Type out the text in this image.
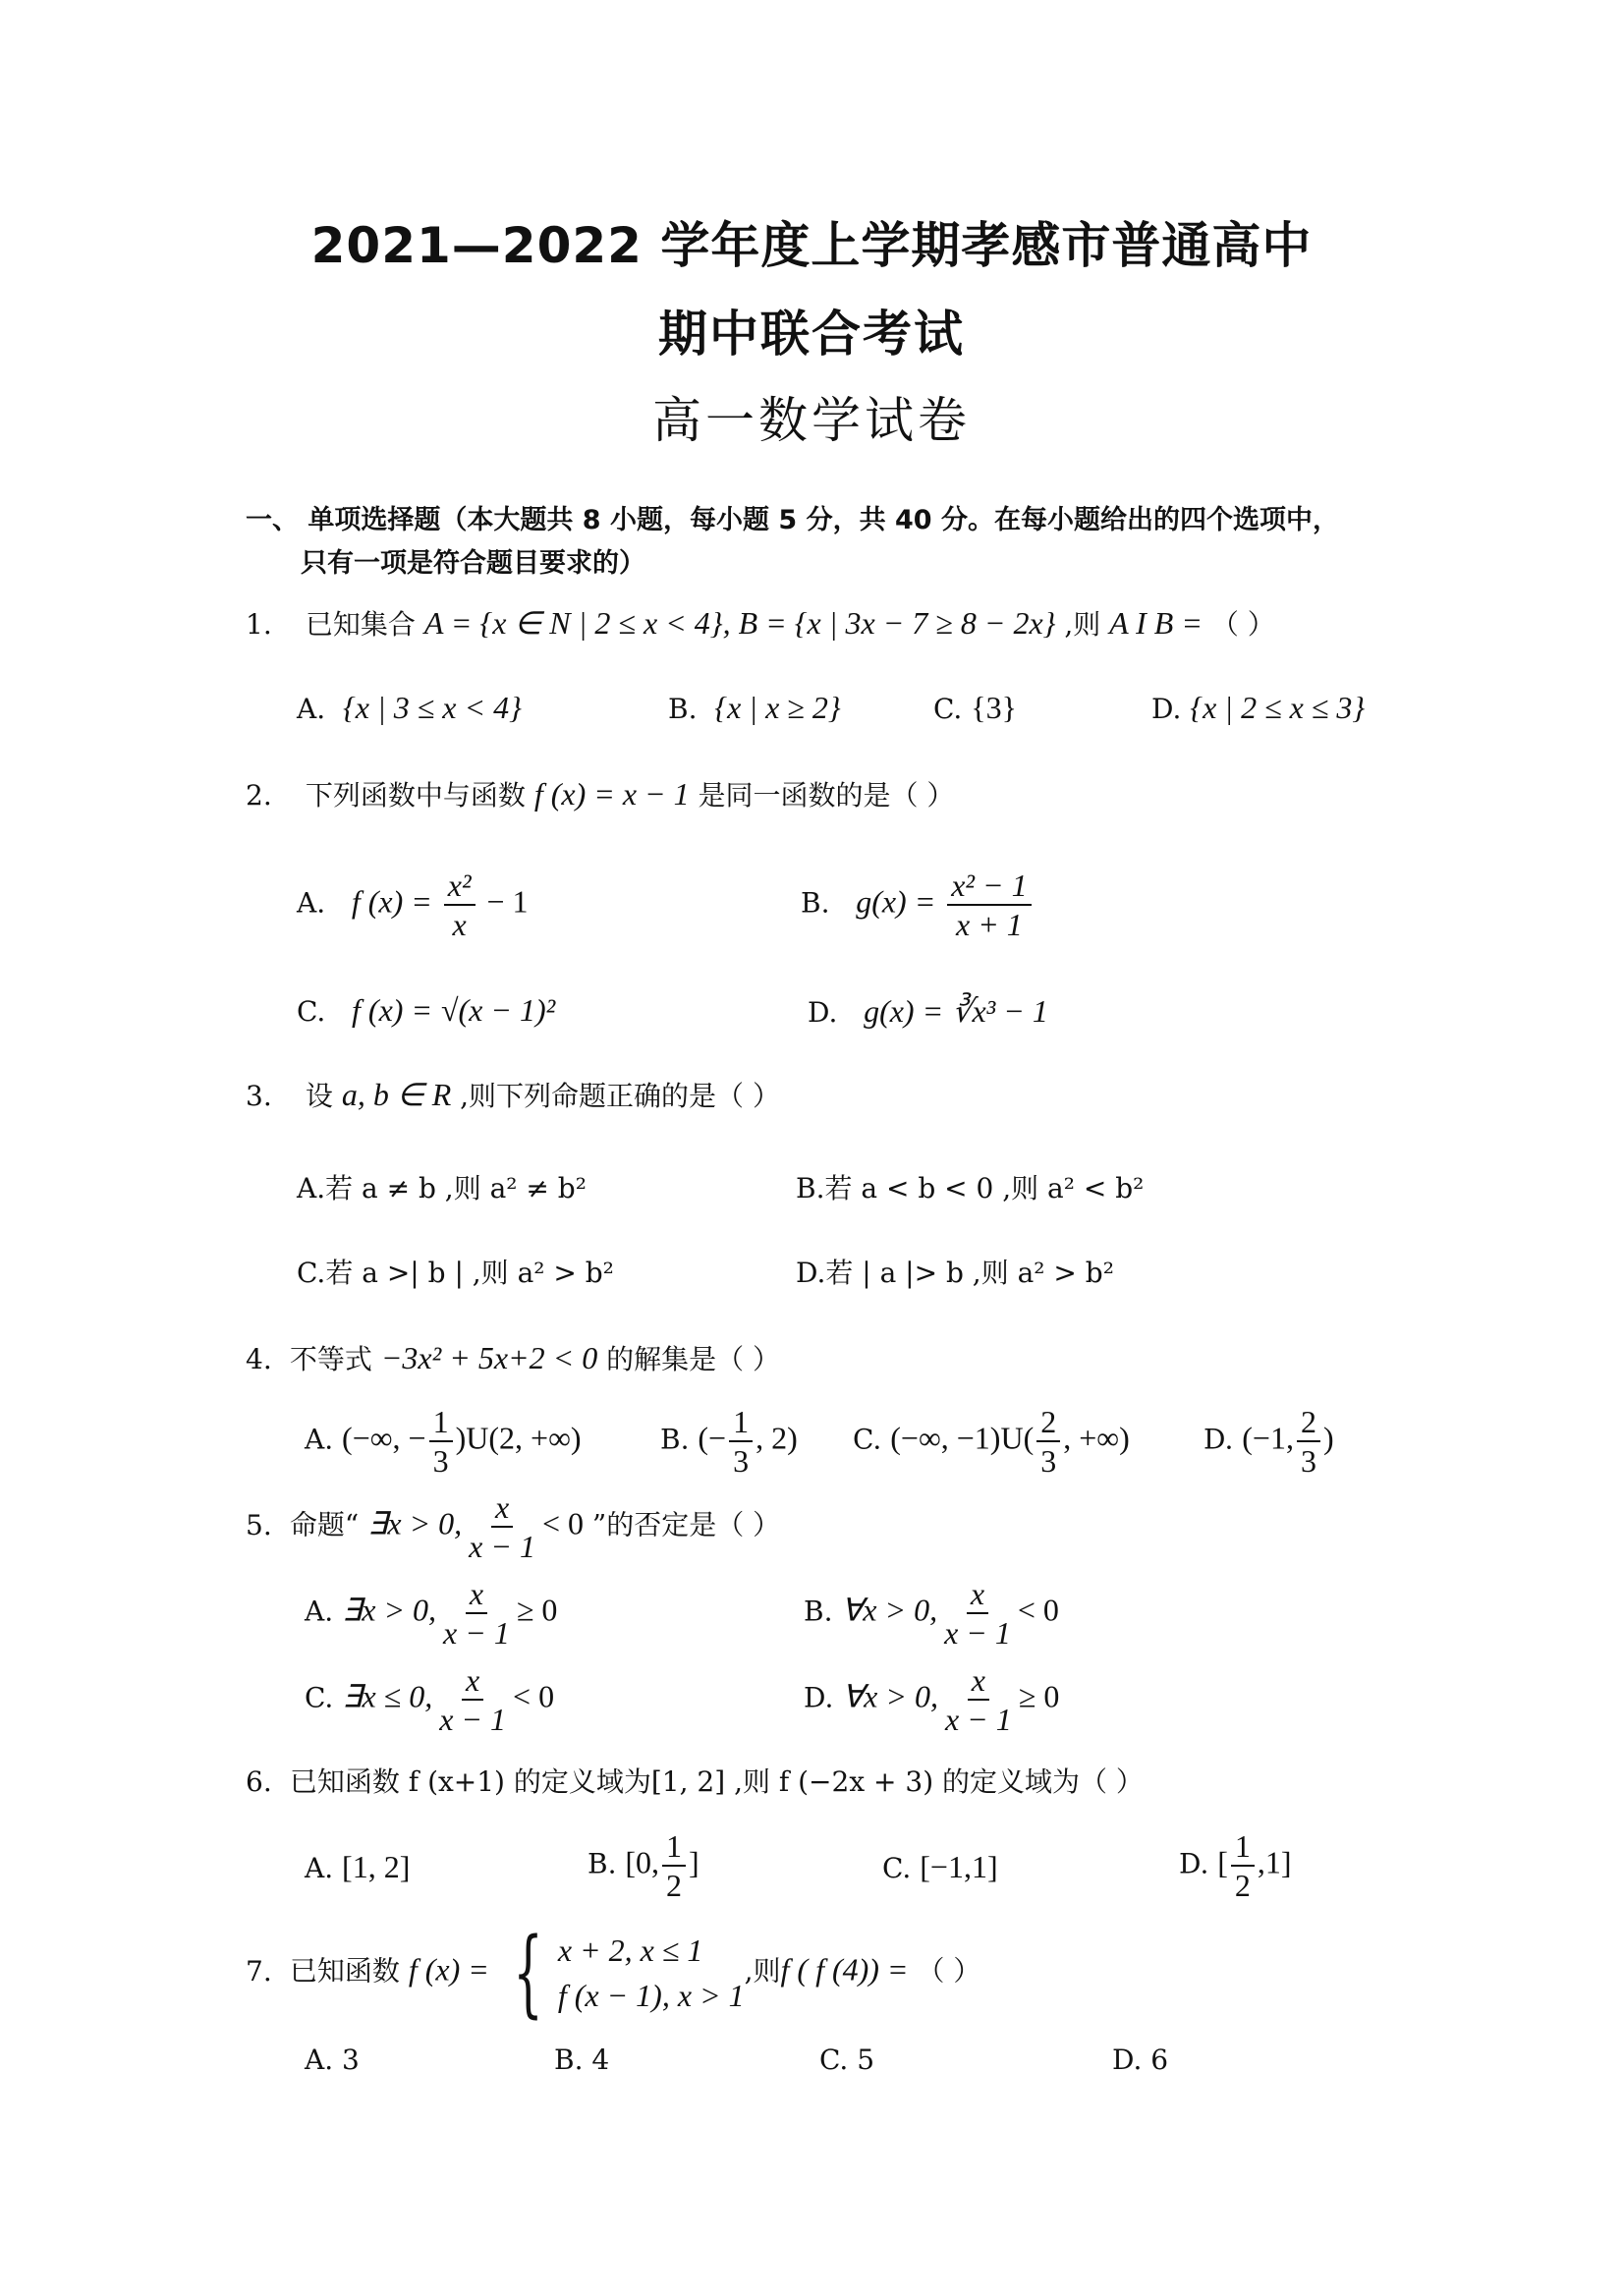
2021—2022 学年度上学期孝感市普通高中
期中联合考试
高一数学试卷
一、 单项选择题（本大题共 8 小题，每小题 5 分，共 40 分。在每小题给出的四个选项中，
只有一项是符合题目要求的）
1. 已知集合 A = {x ∈ N | 2 ≤ x < 4}, B = {x | 3x − 7 ≥ 8 − 2x} ,则 A I B = （ ）
A. {x | 3 ≤ x < 4}	B. {x | x ≥ 2}	C. {3}	D. {x | 2 ≤ x ≤ 3}
2. 下列函数中与函数 f (x) = x − 1 是同一函数的是（ ）
A. f $(x) = \frac{\text{x²}}{x} - 1$	B. $g(x) = \frac{\text{x² − 1}}{x + 1}$
C. f (x) = √(x − 1)²	D. g(x) = ∛x³ − 1
3. 设 a, b ∈ R ,则下列命题正确的是（ ）
A.若 a ≠ b ,则 a² ≠ b²	B.若 a < b < 0 ,则 a² < b²
C.若 a >| b | ,则 a² > b²	D.若 | a |> b ,则 a² > b²
4. 不等式 −3x² + 5x+2 < 0 的解集是（ ）
A. (−∞, − $\frac{1}{3} )U(2$, +∞)	B. (− $\frac{1}{3}$ , 2) C. (−∞, $-1)U( \frac{2}{3}$ , +∞)	D. (−1, $\frac{2}{3}$ )
5. 命题“ ∃x > 0, $\frac{x}{x - 1} < 0$ ”的否定是（ ）
A. ∃x > 0, $\frac{x}{x - 1} \ge 0$	B. ∀x > 0, $\frac{x}{x - 1} < 0$
C. ∃x ≤ 0, $\frac{x}{x - 1} < 0$	D. ∀x > 0, $\frac{x}{x - 1} \ge 0$
6. 已知函数 f (x+1) 的定义域为[1, 2] ,则 f (−2x + 3) 的定义域为（ ）
A. [1, 2]	B. [0, $\frac{1}{2}$ ]	C. [−1,1]	D. [ $\frac{1}{2} ,1$]
7. 已知函数 f (x) = { x + 2, x ≤ 1
f (x − 1), x > 1
,则f ( f (4)) = （ ）
A. 3	B. 4	C. 5	D. 6
